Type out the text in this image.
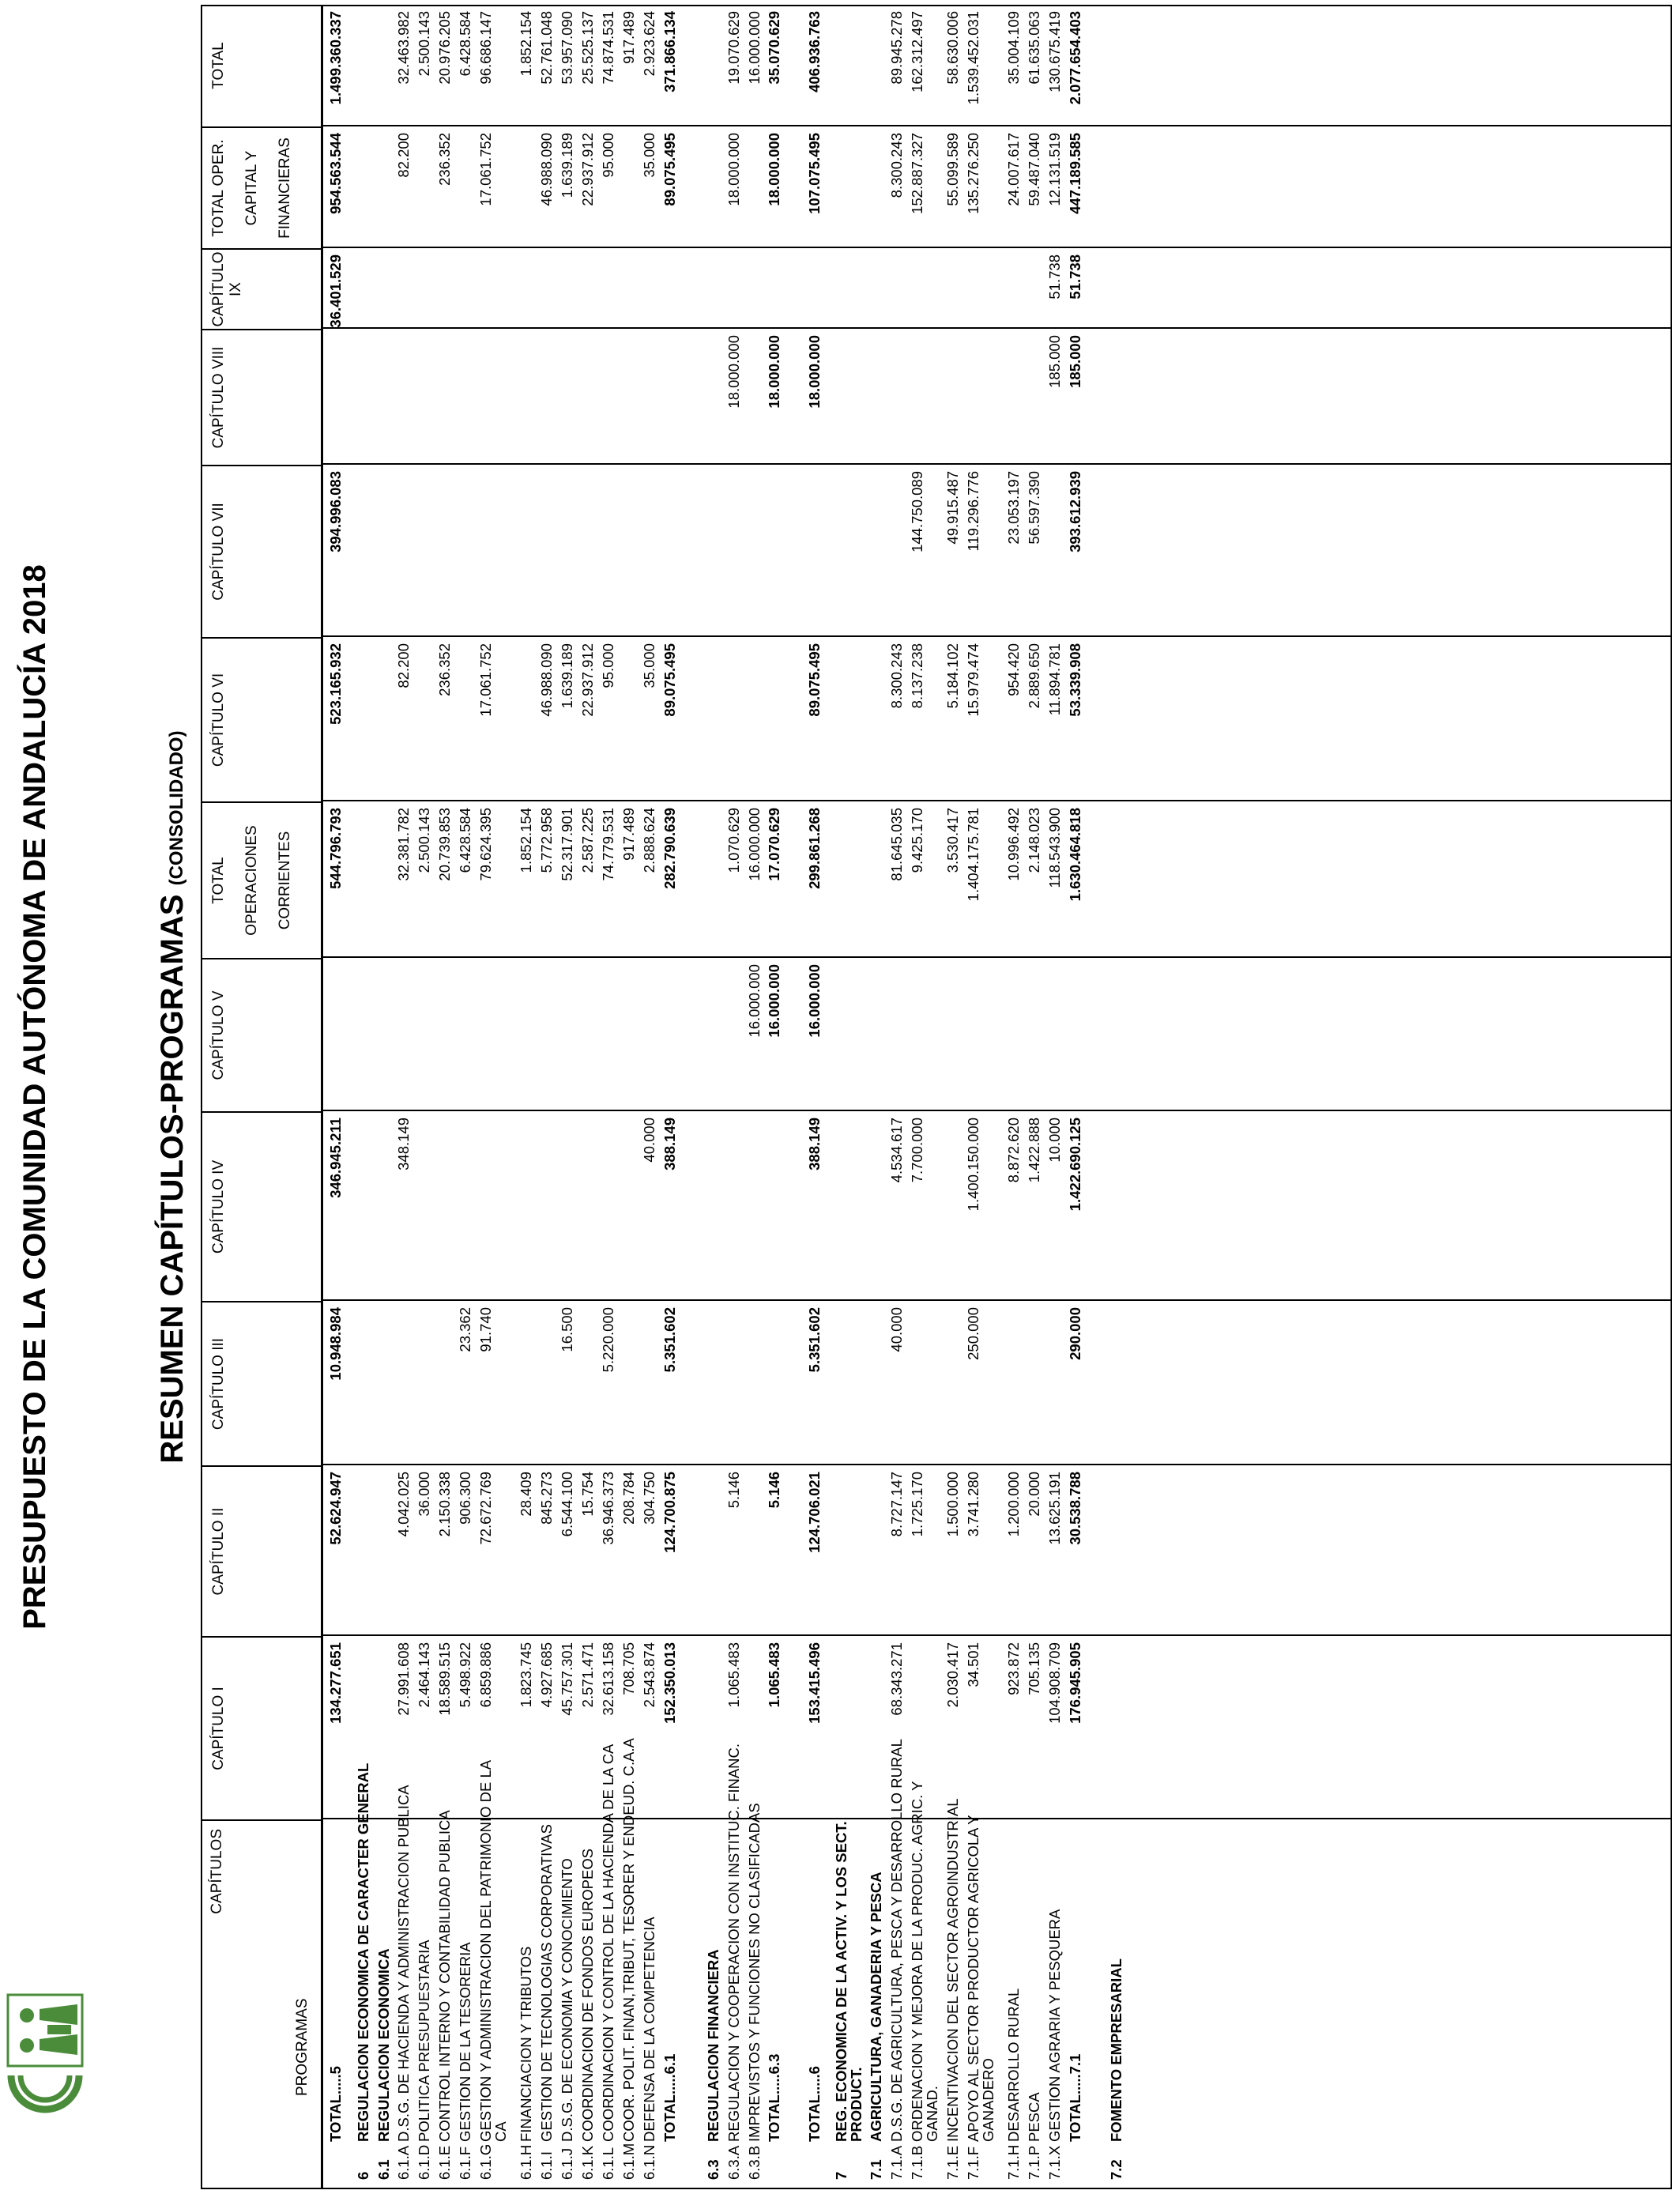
PRESUPUESTO DE LA COMUNIDAD AUTÓNOMA DE ANDALUCÍA 2018	RESUMEN CAPÍTULOS-PROGRAMAS (CONSOLIDADO)
CAPÍTULOS
PROGRAMAS
CAPÍTULO I
CAPÍTULO II
CAPÍTULO III
CAPÍTULO IV
CAPÍTULO V
TOTAL OPERACIONES CORRIENTES
CAPÍTULO VI
CAPÍTULO VII
CAPÍTULO VIII
CAPÍTULO IX
TOTAL OPER. CAPITAL Y FINANCIERAS
TOTAL
TOTAL.....5
134.277.651
52.624.947
10.948.984
346.945.211
544.796.793
523.165.932
394.996.083
36.401.529
954.563.544
1.499.360.337
6
REGULACION ECONOMICA DE CARACTER GENERAL
6.1
REGULACION ECONOMICA
6.1.A
D.S.G. DE HACIENDA Y ADMINISTRACION PUBLICA
27.991.608
4.042.025
348.149
32.381.782
82.200
82.200
32.463.982
6.1.D
POLITICA PRESUPUESTARIA
2.464.143
36.000
2.500.143
2.500.143
6.1.E
CONTROL INTERNO Y CONTABILIDAD PUBLICA
18.589.515
2.150.338
20.739.853
236.352
236.352
20.976.205
6.1.F
GESTION DE LA TESORERIA
5.498.922
906.300
23.362
6.428.584
6.428.584
6.1.G
GESTION Y ADMINISTRACION DEL PATRIMONIO DE LA
CA
6.859.886
72.672.769
91.740
79.624.395
17.061.752
17.061.752
96.686.147
6.1.H
FINANCIACION Y TRIBUTOS
1.823.745
28.409
1.852.154
1.852.154
6.1.I
GESTION DE TECNOLOGIAS CORPORATIVAS
4.927.685
845.273
5.772.958
46.988.090
46.988.090
52.761.048
6.1.J
D.S.G. DE ECONOMIA Y CONOCIMIENTO
45.757.301
6.544.100
16.500
52.317.901
1.639.189
1.639.189
53.957.090
6.1.K
COORDINACION DE FONDOS EUROPEOS
2.571.471
15.754
2.587.225
22.937.912
22.937.912
25.525.137
6.1.L
COORDINACION Y CONTROL DE LA HACIENDA DE LA CA
32.613.158
36.946.373
5.220.000
74.779.531
95.000
95.000
74.874.531
6.1.M
COOR. POLIT. FINAN,TRIBUT, TESORER Y ENDEUD. C.A.A
708.705
208.784
917.489
917.489
6.1.N
DEFENSA DE LA COMPETENCIA
2.543.874
304.750
40.000
2.888.624
35.000
35.000
2.923.624
TOTAL.....6.1
152.350.013
124.700.875
5.351.602
388.149
282.790.639
89.075.495
89.075.495
371.866.134
6.3
REGULACION FINANCIERA
6.3.A
REGULACION Y COOPERACION CON INSTITUC. FINANC.
1.065.483
5.146
1.070.629
18.000.000
18.000.000
19.070.629
6.3.B
IMPREVISTOS Y FUNCIONES NO CLASIFICADAS
16.000.000
16.000.000
16.000.000
TOTAL.....6.3
1.065.483
5.146
16.000.000
17.070.629
18.000.000
18.000.000
35.070.629
TOTAL.....6
153.415.496
124.706.021
5.351.602
388.149
16.000.000
299.861.268
89.075.495
18.000.000
107.075.495
406.936.763
7
REG. ECONOMICA DE LA ACTIV. Y LOS SECT.
PRODUCT.
7.1
AGRICULTURA, GANADERIA Y PESCA
7.1.A
D.S.G. DE AGRICULTURA, PESCA Y DESARROLLO RURAL
68.343.271
8.727.147
40.000
4.534.617
81.645.035
8.300.243
8.300.243
89.945.278
7.1.B
ORDENACION Y MEJORA DE LA PRODUC. AGRIC. Y
GANAD.
1.725.170
7.700.000
9.425.170
8.137.238
144.750.089
152.887.327
162.312.497
7.1.E
INCENTIVACION DEL SECTOR AGROINDUSTRIAL
2.030.417
1.500.000
3.530.417
5.184.102
49.915.487
55.099.589
58.630.006
7.1.F
APOYO AL SECTOR PRODUCTOR AGRICOLA Y
GANADERO
34.501
3.741.280
250.000
1.400.150.000
1.404.175.781
15.979.474
119.296.776
135.276.250
1.539.452.031
7.1.H
DESARROLLO RURAL
923.872
1.200.000
8.872.620
10.996.492
954.420
23.053.197
24.007.617
35.004.109
7.1.P
PESCA
705.135
20.000
1.422.888
2.148.023
2.889.650
56.597.390
59.487.040
61.635.063
7.1.X
GESTION AGRARIA Y PESQUERA
104.908.709
13.625.191
10.000
118.543.900
11.894.781
185.000
51.738
12.131.519
130.675.419
TOTAL.....7.1
176.945.905
30.538.788
290.000
1.422.690.125
1.630.464.818
53.339.908
393.612.939
185.000
51.738
447.189.585
2.077.654.403
7.2
FOMENTO EMPRESARIAL
